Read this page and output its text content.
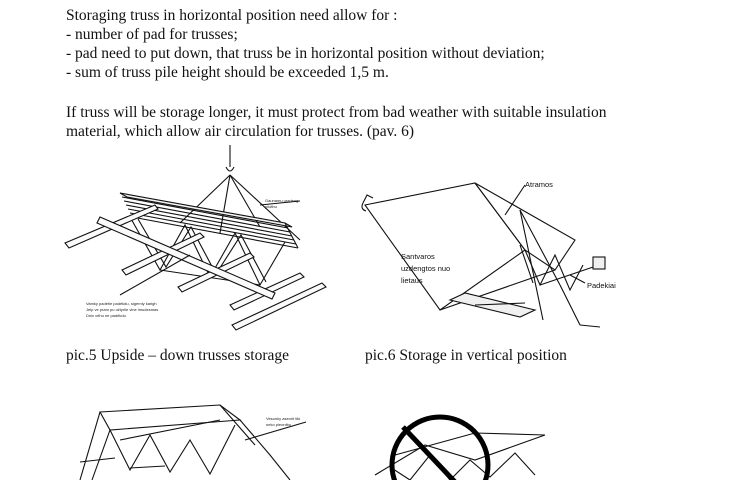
Storaging truss in horizontal position need allow for :
- number of pad for trusses;
- pad need to put down, that truss be in horizontal position without deviation;
- sum of truss pile height should be exceeded 1,5 m.
If truss will be storage longer, it must protect from bad weather with suitable insulation
material, which allow air circulation for trusses. (pav. 6)
Gaunamų uradeng
pilotbu
Vamky padėtie padėkdu, sigerniy karigh
Jeip ve pram pu užtyrile vine imudesmas
Dniv vėhu ne padėkdu
Atramos
Santvaros
uzdengtos nuo
lietaus
Padekiai
pic.5 Upside – down trusses storage	pic.6 Storage in vertical position
Vesonky aseorit tiki
neko pleontbu
